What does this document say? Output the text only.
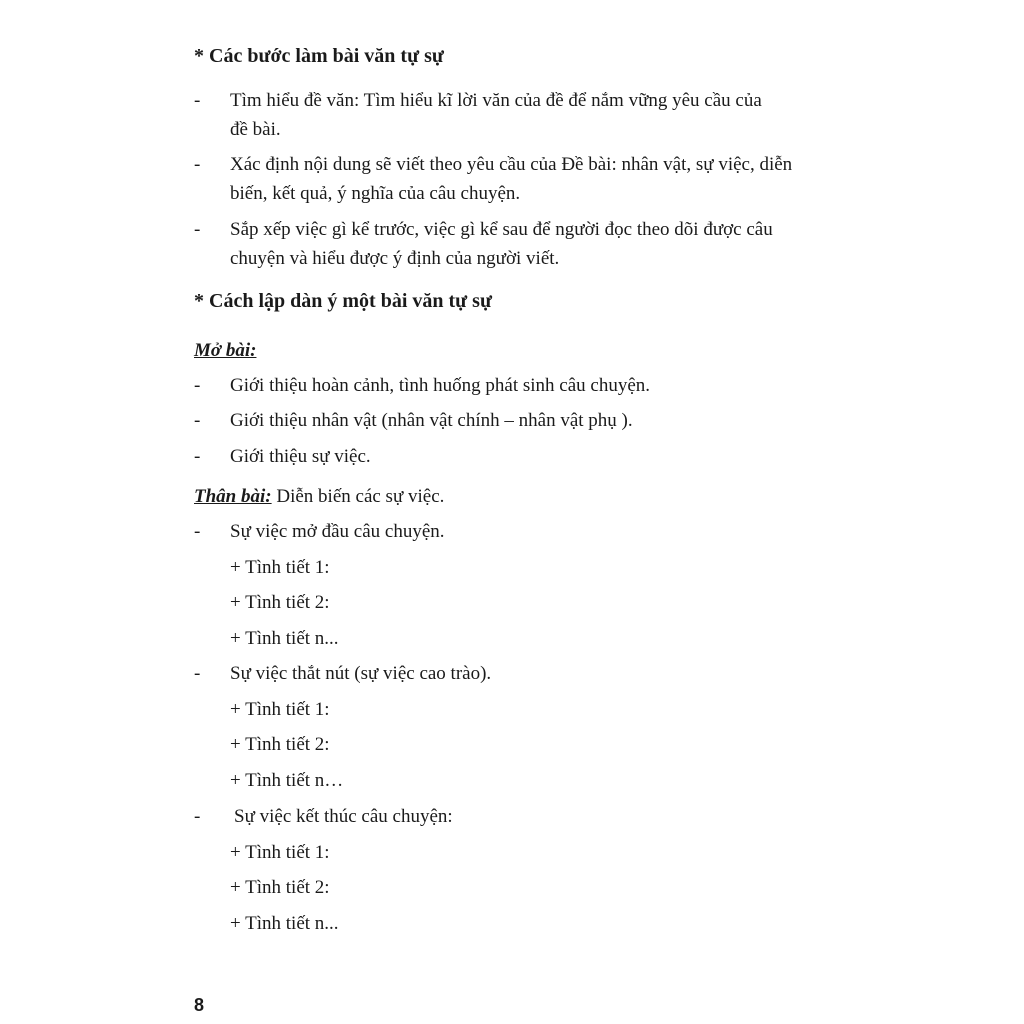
* Các bước làm bài văn tự sự
- Tìm hiểu đề văn: Tìm hiểu kĩ lời văn của đề để nắm vững yêu cầu của
đề bài.
- Xác định nội dung sẽ viết theo yêu cầu của Đề bài: nhân vật, sự việc, diễn
biến, kết quả, ý nghĩa của câu chuyện.
- Sắp xếp việc gì kể trước, việc gì kể sau để người đọc theo dõi được câu
chuyện và hiểu được ý định của người viết.
* Cách lập dàn ý một bài văn tự sự
Mở bài:
- Giới thiệu hoàn cảnh, tình huống phát sinh câu chuyện.
- Giới thiệu nhân vật (nhân vật chính – nhân vật phụ ).
- Giới thiệu sự việc.
Thân bài: Diễn biến các sự việc.
- Sự việc mở đầu câu chuyện.
+ Tình tiết 1:
+ Tình tiết 2:
+ Tình tiết n...
- Sự việc thắt nút (sự việc cao trào).
+ Tình tiết 1:
+ Tình tiết 2:
+ Tình tiết n…
- Sự việc kết thúc câu chuyện:
+ Tình tiết 1:
+ Tình tiết 2:
+ Tình tiết n...
8
